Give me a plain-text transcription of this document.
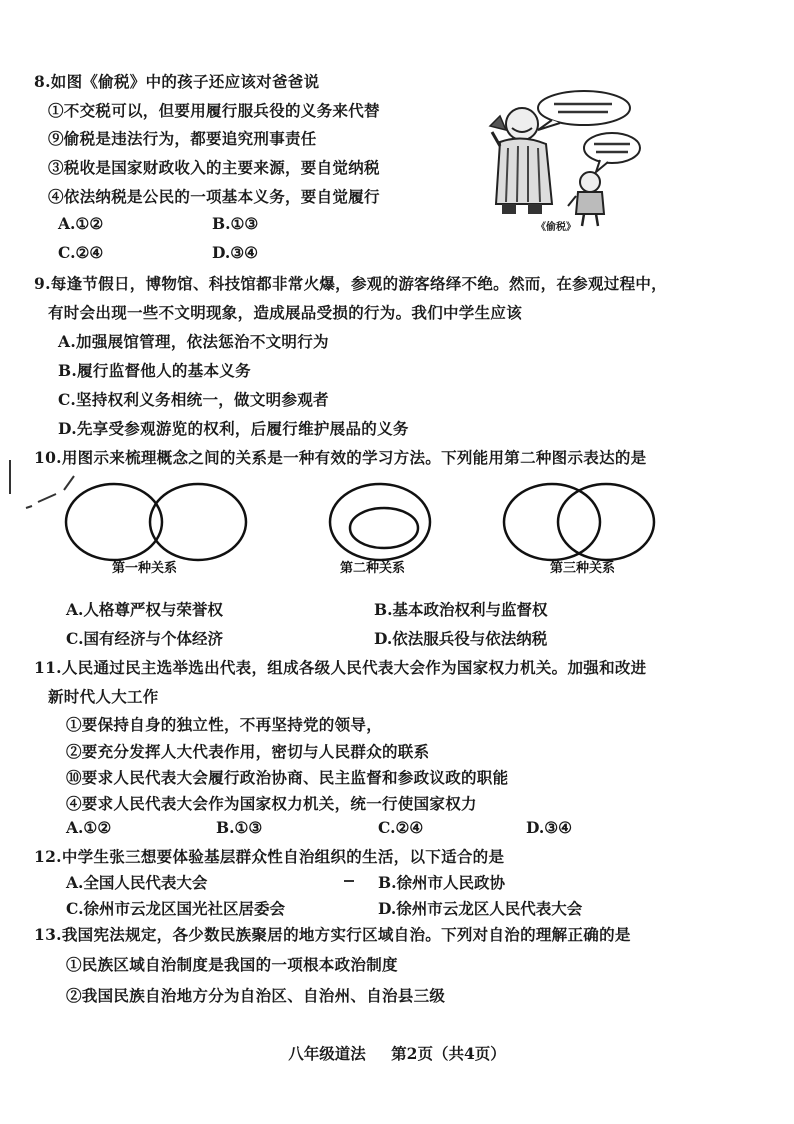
8.如图《偷税》中的孩子还应该对爸爸说
①不交税可以，但要用履行服兵役的义务来代替
⑨偷税是违法行为，都要追究刑事责任
③税收是国家财政收入的主要来源，要自觉纳税
④依法纳税是公民的一项基本义务，要自觉履行
A.①②	B.①③
C.②④	D.③④
《偷税》
9.每逢节假日，博物馆、科技馆都非常火爆，参观的游客络绎不绝。然而，在参观过程中，
有时会出现一些不文明现象，造成展品受损的行为。我们中学生应该
A.加强展馆管理，依法惩治不文明行为
B.履行监督他人的基本义务
C.坚持权利义务相统一，做文明参观者
D.先享受参观游览的权利，后履行维护展品的义务
10.用图示来梳理概念之间的关系是一种有效的学习方法。下列能用第二种图示表达的是
第一种关系	第二种关系	第三种关系
A.人格尊严权与荣誉权	B.基本政治权利与监督权
C.国有经济与个体经济	D.依法服兵役与依法纳税
11.人民通过民主选举选出代表，组成各级人民代表大会作为国家权力机关。加强和改进
新时代人大工作
①要保持自身的独立性，不再坚持党的领导，
②要充分发挥人大代表作用，密切与人民群众的联系
⑩要求人民代表大会履行政治协商、民主监督和参政议政的职能
④要求人民代表大会作为国家权力机关，统一行使国家权力
A.①②	B.①③	C.②④	D.③④
12.中学生张三想要体验基层群众性自治组织的生活，以下适合的是
A.全国人民代表大会	B.徐州市人民政协
C.徐州市云龙区国光社区居委会	D.徐州市云龙区人民代表大会
13.我国宪法规定，各少数民族聚居的地方实行区域自治。下列对自治的理解正确的是
①民族区域自治制度是我国的一项根本政治制度
②我国民族自治地方分为自治区、自治州、自治县三级
八年级道法 第2页（共4页）
